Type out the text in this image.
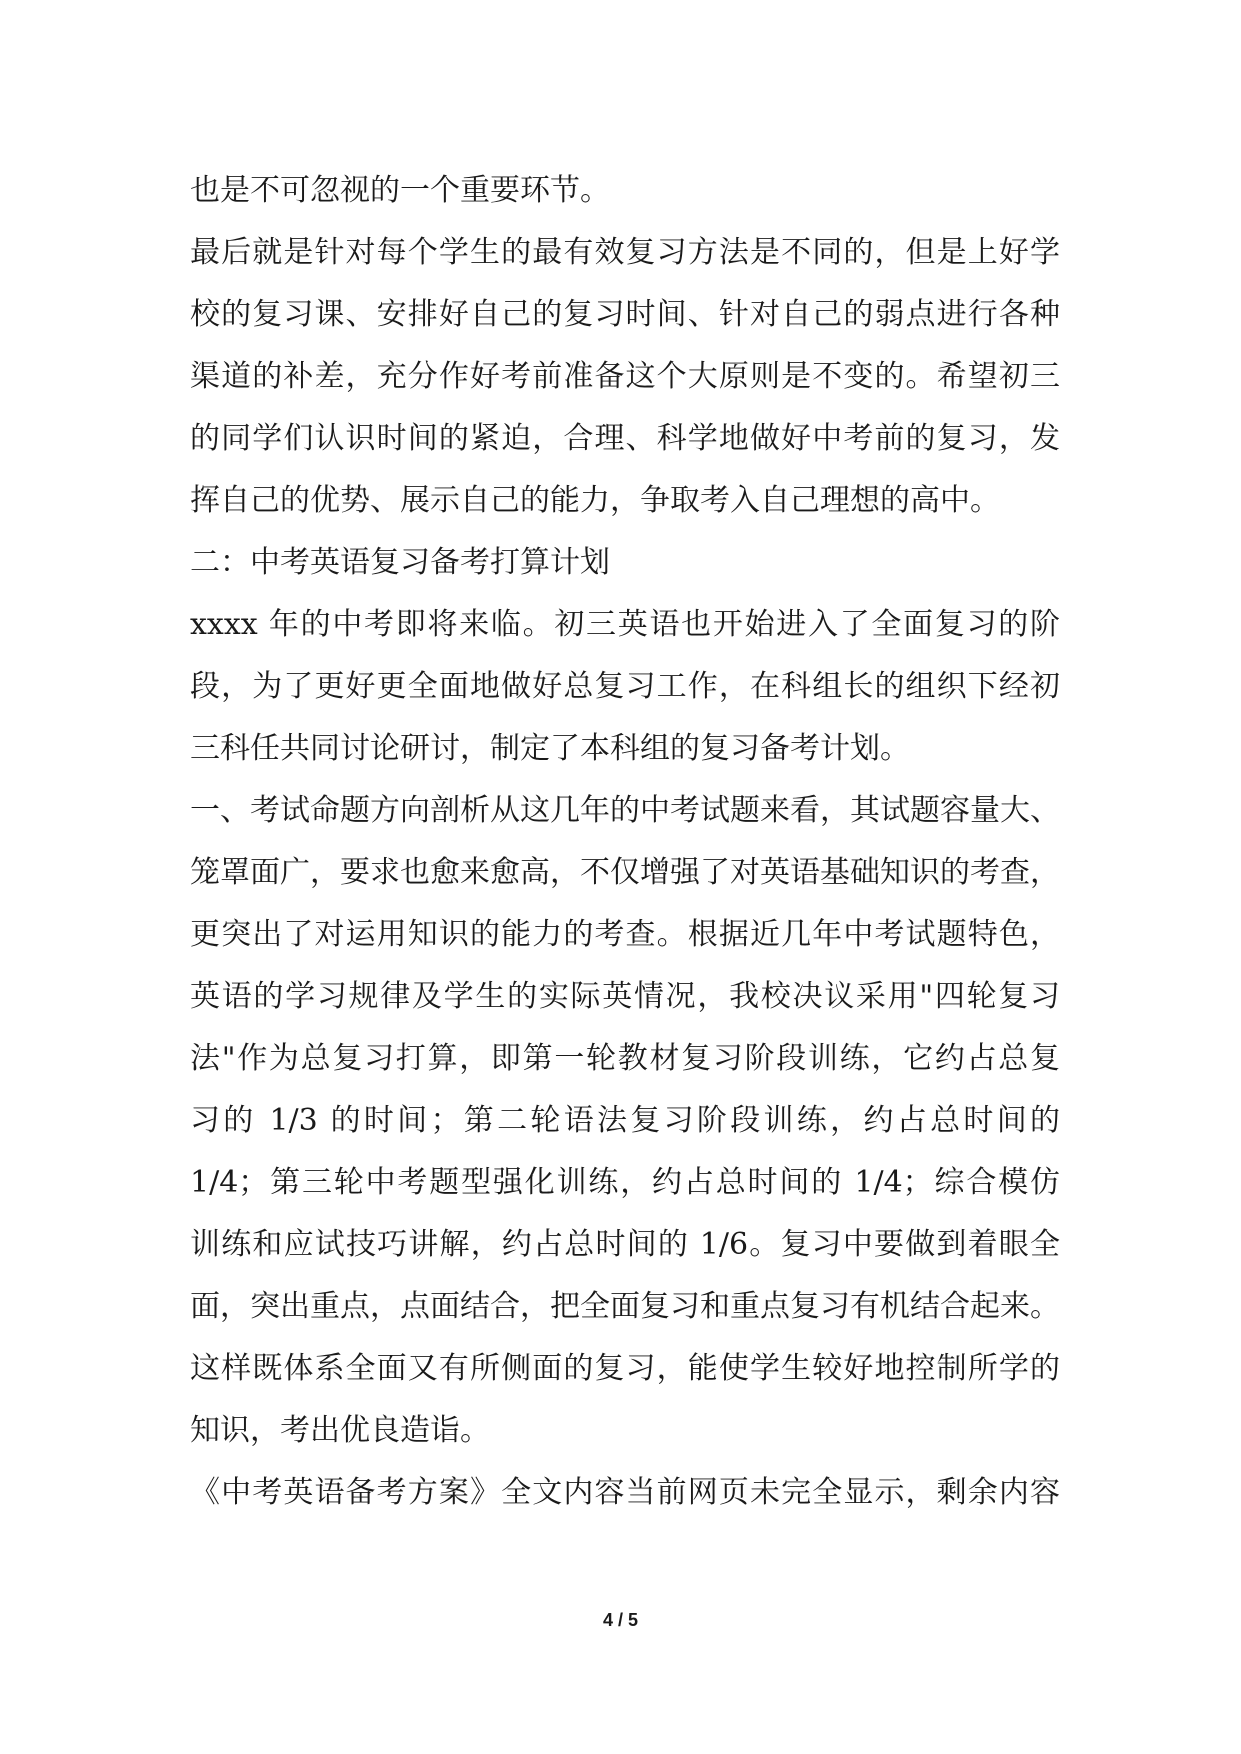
也是不可忽视的一个重要环节。
最后就是针对每个学生的最有效复习方法是不同的，但是上好学
校的复习课、安排好自己的复习时间、针对自己的弱点进行各种
渠道的补差，充分作好考前准备这个大原则是不变的。希望初三
的同学们认识时间的紧迫，合理、科学地做好中考前的复习，发
挥自己的优势、展示自己的能力，争取考入自己理想的高中。
二：中考英语复习备考打算计划
xxxx 年的中考即将来临。初三英语也开始进入了全面复习的阶
段，为了更好更全面地做好总复习工作，在科组长的组织下经初
三科任共同讨论研讨，制定了本科组的复习备考计划。
一、考试命题方向剖析从这几年的中考试题来看，其试题容量大、
笼罩面广，要求也愈来愈高，不仅增强了对英语基础知识的考查，
更突出了对运用知识的能力的考查。根据近几年中考试题特色，
英语的学习规律及学生的实际英情况，我校决议采用"四轮复习
法"作为总复习打算，即第一轮教材复习阶段训练，它约占总复
习的 1/3 的时间；第二轮语法复习阶段训练，约占总时间的
1/4；第三轮中考题型强化训练，约占总时间的 1/4；综合模仿
训练和应试技巧讲解，约占总时间的 1/6。复习中要做到着眼全
面，突出重点，点面结合，把全面复习和重点复习有机结合起来。
这样既体系全面又有所侧面的复习，能使学生较好地控制所学的
知识，考出优良造诣。
《中考英语备考方案》全文内容当前网页未完全显示，剩余内容
4 / 5
